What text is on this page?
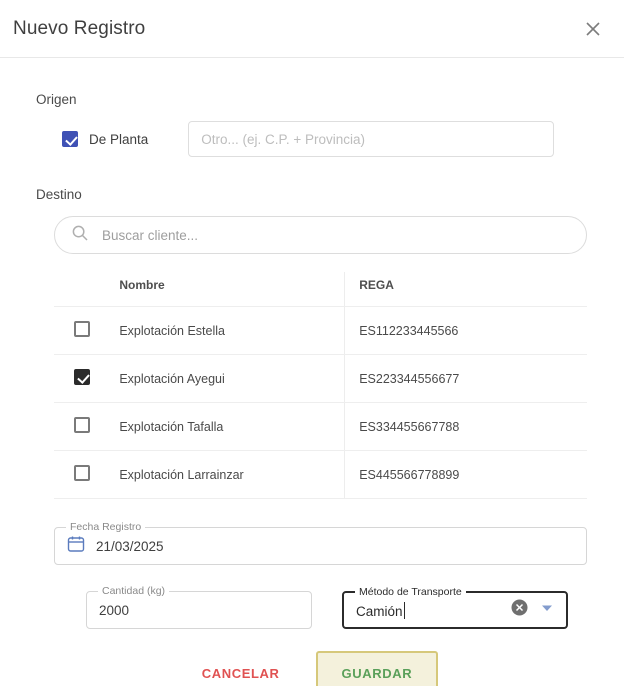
Nuevo Registro
Origen
De Planta
Otro... (ej. C.P. + Provincia)
Destino
Buscar cliente...
	Nombre	REGA
	Explotación Estella	ES112233445566
	Explotación Ayegui	ES223344556677
	Explotación Tafalla	ES334455667788
	Explotación Larrainzar	ES445566778899
Fecha Registro
21/03/2025
Cantidad (kg)
2000
Método de Transporte
Camión
CANCELAR	GUARDAR
